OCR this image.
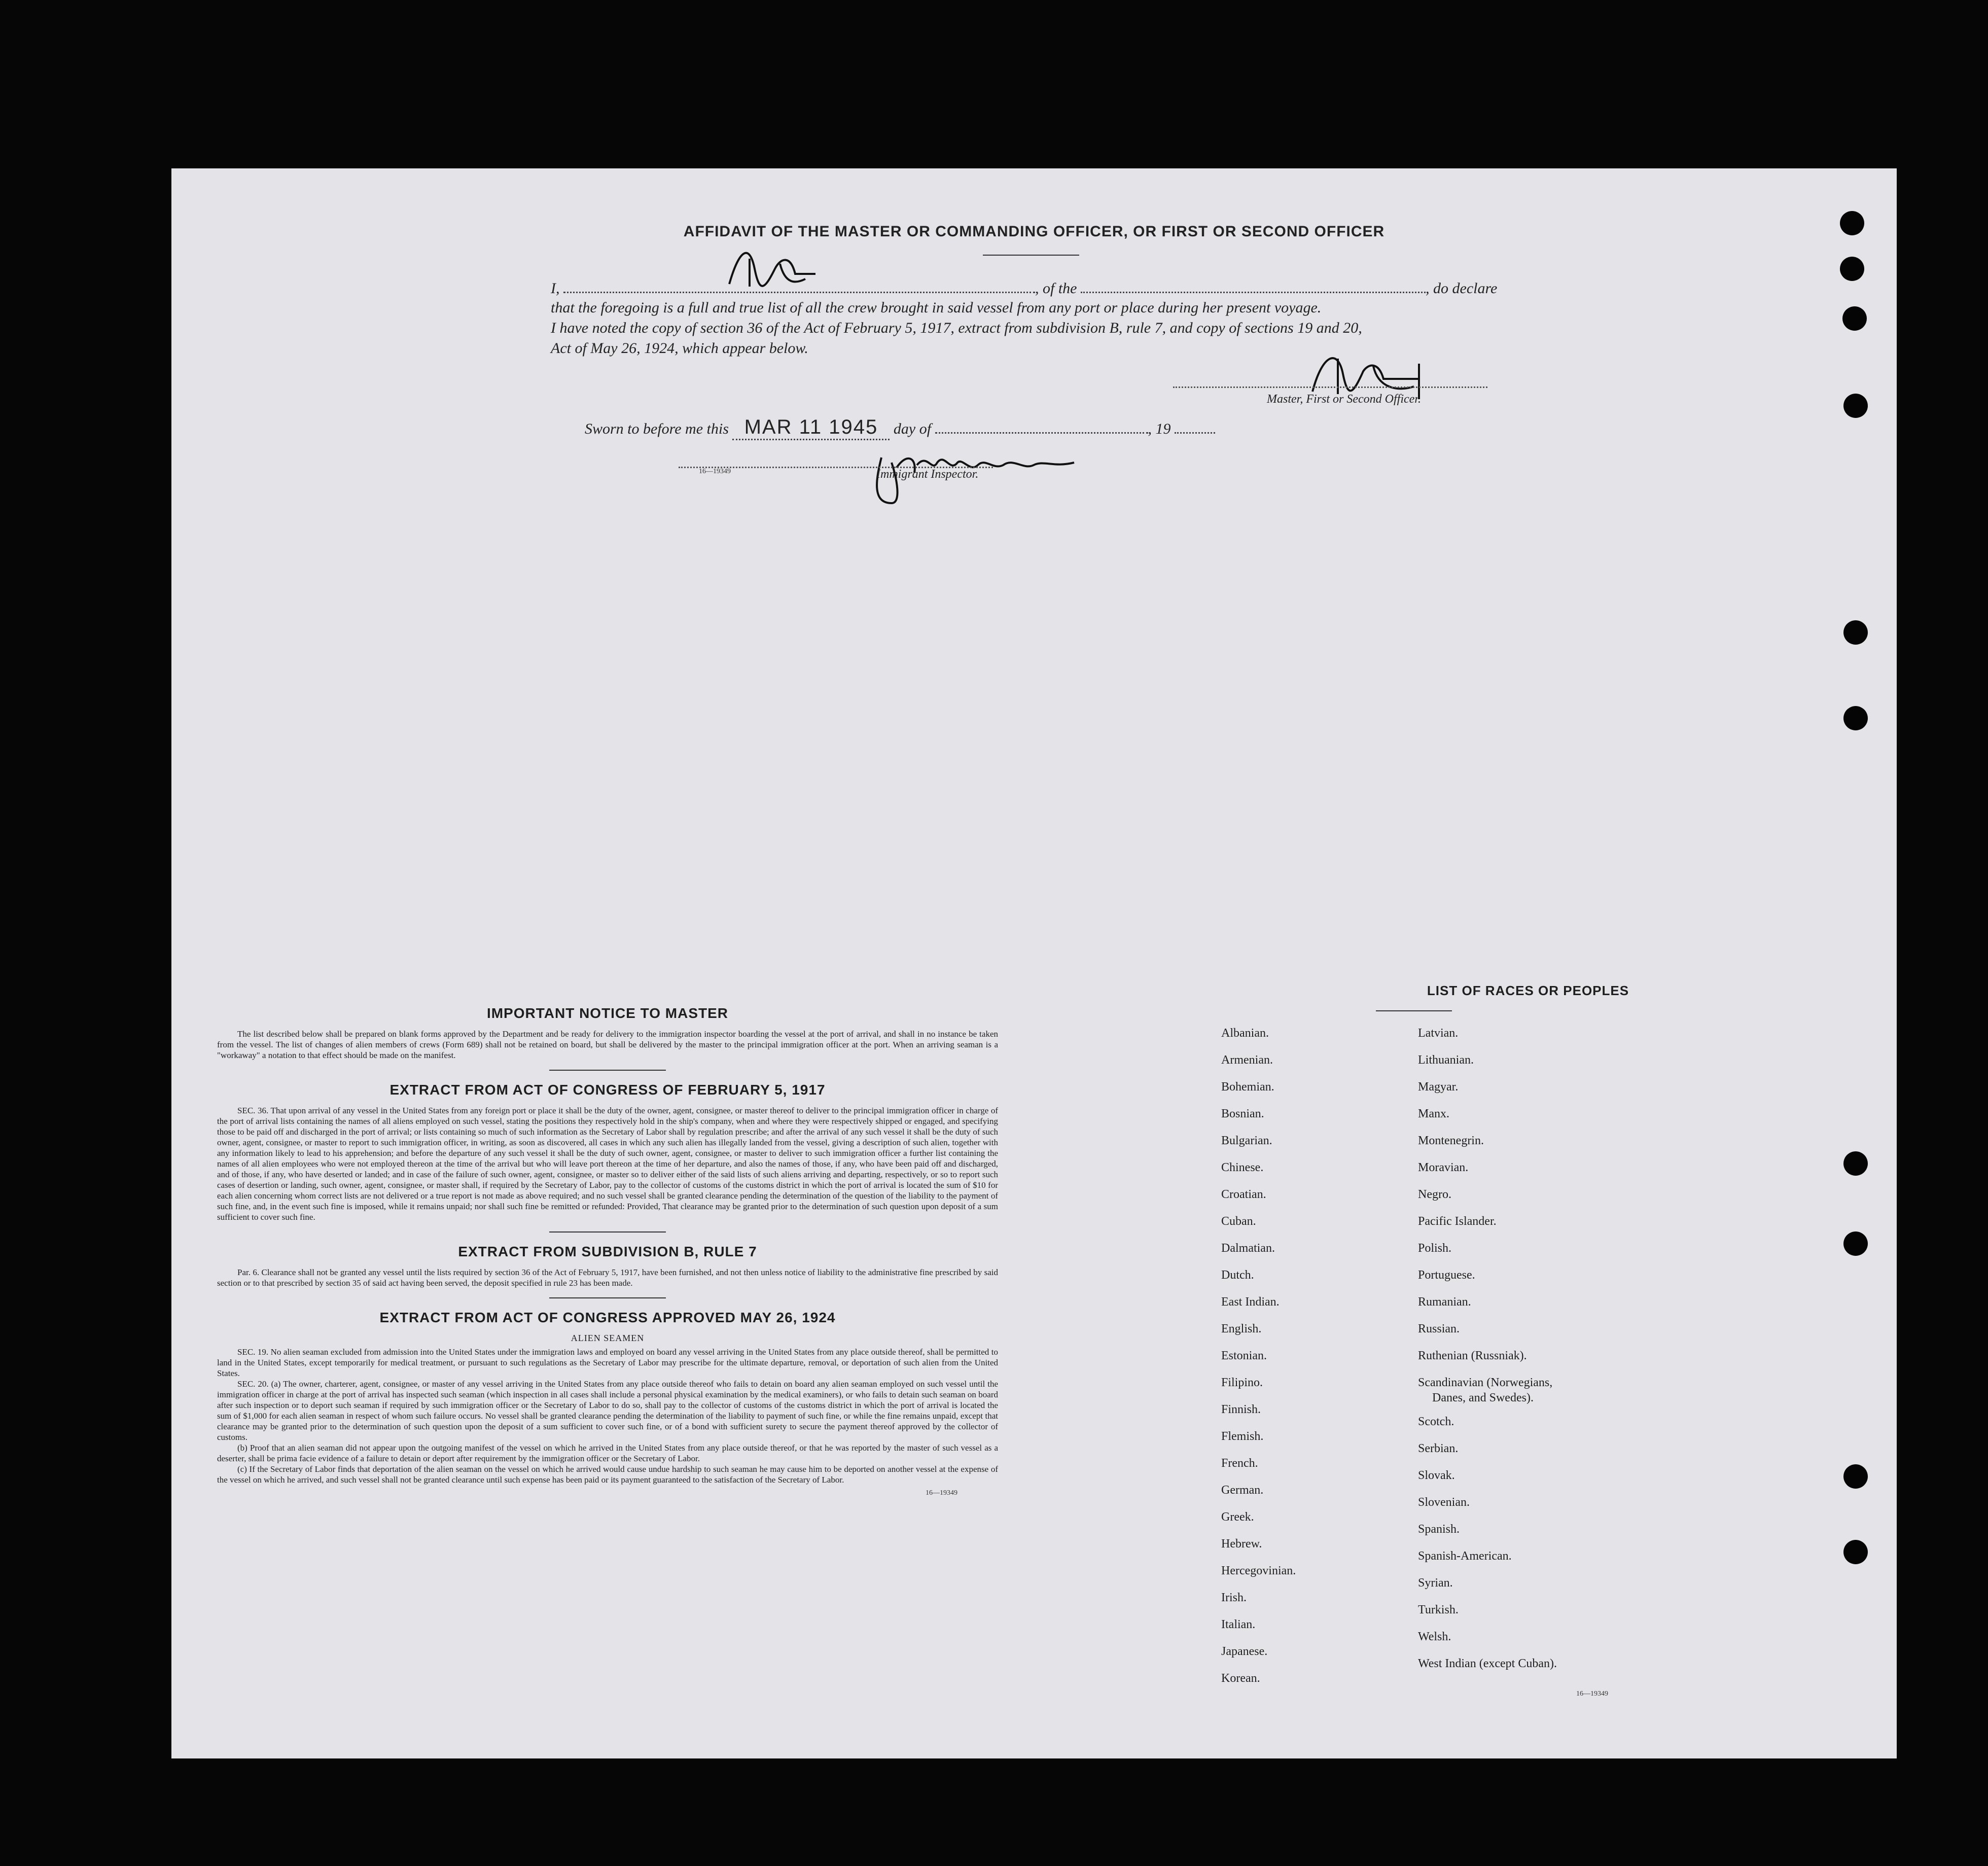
AFFIDAVIT OF THE MASTER OR COMMANDING OFFICER, OR FIRST OR SECOND OFFICER
I,	, of the	, do declare
that the foregoing is a full and true list of all the crew brought in said vessel from any port or place during her present voyage.
I have noted the copy of section 36 of the Act of February 5, 1917, extract from subdivision B, rule 7, and copy of sections 19 and 20,
Act of May 26, 1924, which appear below.
Master, First or Second Officer.
Sworn to before me this MAR 11 1945 day of	, 19
16—19349	Immigrant Inspector.
IMPORTANT NOTICE TO MASTER

The list described below shall be prepared on blank forms approved by the Department and be ready for delivery to the immigration inspector boarding the vessel at the port of arrival, and shall in no instance be taken from the vessel. The list of changes of alien members of crews (Form 689) shall not be retained on board, but shall be delivered by the master to the principal immigration officer at the port. When an arriving seaman is a "workaway" a notation to that effect should be made on the manifest.

EXTRACT FROM ACT OF CONGRESS OF FEBRUARY 5, 1917

SEC. 36. That upon arrival of any vessel in the United States from any foreign port or place it shall be the duty of the owner, agent, consignee, or master thereof to deliver to the principal immigration officer in charge of the port of arrival lists containing the names of all aliens employed on such vessel, stating the positions they respectively hold in the ship's company, when and where they were respectively shipped or engaged, and specifying those to be paid off and discharged in the port of arrival; or lists containing so much of such information as the Secretary of Labor shall by regulation prescribe; and after the arrival of any such vessel it shall be the duty of such owner, agent, consignee, or master to report to such immigration officer, in writing, as soon as discovered, all cases in which any such alien has illegally landed from the vessel, giving a description of such alien, together with any information likely to lead to his apprehension; and before the departure of any such vessel it shall be the duty of such owner, agent, consignee, or master to deliver to such immigration officer a further list containing the names of all alien employees who were not employed thereon at the time of the arrival but who will leave port thereon at the time of her departure, and also the names of those, if any, who have been paid off and discharged, and of those, if any, who have deserted or landed; and in case of the failure of such owner, agent, consignee, or master so to deliver either of the said lists of such aliens arriving and departing, respectively, or so to report such cases of desertion or landing, such owner, agent, consignee, or master shall, if required by the Secretary of Labor, pay to the collector of customs of the customs district in which the port of arrival is located the sum of $10 for each alien concerning whom correct lists are not delivered or a true report is not made as above required; and no such vessel shall be granted clearance pending the determination of the question of the liability to the payment of such fine, and, in the event such fine is imposed, while it remains unpaid; nor shall such fine be remitted or refunded: Provided, That clearance may be granted prior to the determination of such question upon deposit of a sum sufficient to cover such fine.

EXTRACT FROM SUBDIVISION B, RULE 7

Par. 6. Clearance shall not be granted any vessel until the lists required by section 36 of the Act of February 5, 1917, have been furnished, and not then unless notice of liability to the administrative fine prescribed by said section or to that prescribed by section 35 of said act having been served, the deposit specified in rule 23 has been made.

EXTRACT FROM ACT OF CONGRESS APPROVED MAY 26, 1924
ALIEN SEAMEN

SEC. 19. No alien seaman excluded from admission into the United States under the immigration laws and employed on board any vessel arriving in the United States from any place outside thereof, shall be permitted to land in the United States, except temporarily for medical treatment, or pursuant to such regulations as the Secretary of Labor may prescribe for the ultimate departure, removal, or deportation of such alien from the United States.

SEC. 20. (a) The owner, charterer, agent, consignee, or master of any vessel arriving in the United States from any place outside thereof who fails to detain on board any alien seaman employed on such vessel until the immigration officer in charge at the port of arrival has inspected such seaman (which inspection in all cases shall include a personal physical examination by the medical examiners), or who fails to detain such seaman on board after such inspection or to deport such seaman if required by such immigration officer or the Secretary of Labor to do so, shall pay to the collector of customs of the customs district in which the port of arrival is located the sum of $1,000 for each alien seaman in respect of whom such failure occurs. No vessel shall be granted clearance pending the determination of the liability to payment of such fine, or while the fine remains unpaid, except that clearance may be granted prior to the determination of such question upon the deposit of a sum sufficient to cover such fine, or of a bond with sufficient surety to secure the payment thereof approved by the collector of customs.

(b) Proof that an alien seaman did not appear upon the outgoing manifest of the vessel on which he arrived in the United States from any place outside thereof, or that he was reported by the master of such vessel as a deserter, shall be prima facie evidence of a failure to detain or deport after requirement by the immigration officer or the Secretary of Labor.

(c) If the Secretary of Labor finds that deportation of the alien seaman on the vessel on which he arrived would cause undue hardship to such seaman he may cause him to be deported on another vessel at the expense of the vessel on which he arrived, and such vessel shall not be granted clearance until such expense has been paid or its payment guaranteed to the satisfaction of the Secretary of Labor.

16—19349
LIST OF RACES OR PEOPLES
Albanian.
Armenian.
Bohemian.
Bosnian.
Bulgarian.
Chinese.
Croatian.
Cuban.
Dalmatian.
Dutch.
East Indian.
English.
Estonian.
Filipino.
Finnish.
Flemish.
French.
German.
Greek.
Hebrew.
Hercegovinian.
Irish.
Italian.
Japanese.
Korean.
Latvian.
Lithuanian.
Magyar.
Manx.
Montenegrin.
Moravian.
Negro.
Pacific Islander.
Polish.
Portuguese.
Rumanian.
Russian.
Ruthenian (Russniak).
Scandinavian (Norwegians,
Danes, and Swedes).
Scotch.
Serbian.
Slovak.
Slovenian.
Spanish.
Spanish-American.
Syrian.
Turkish.
Welsh.
West Indian (except Cuban).
16—19349
